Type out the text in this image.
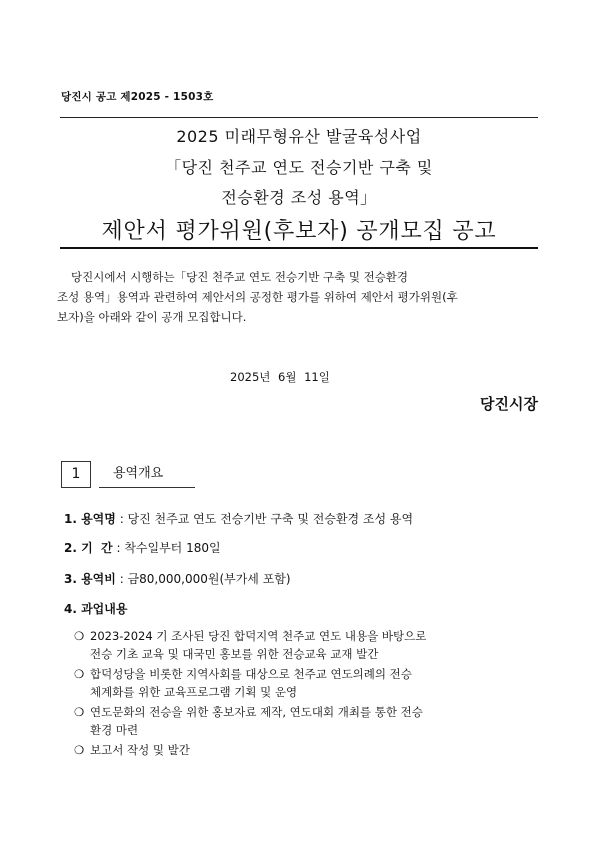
당진시 공고 제2025 - 1503호
2025 미래무형유산 발굴육성사업
「당진 천주교 연도 전승기반 구축 및
전승환경 조성 용역」
제안서 평가위원(후보자) 공개모집 공고
당진시에서 시행하는「당진 천주교 연도 전승기반 구축 및 전승환경
조성 용역」용역과 관련하여 제안서의 공정한 평가를 위하여 제안서 평가위원(후
보자)을 아래와 같이 공개 모집합니다.
2025년 6월 11일
당진시장
1	용역개요
1. 용역명 : 당진 천주교 연도 전승기반 구축 및 전승환경 조성 용역
2. 기  간 : 착수일부터 180일
3. 용역비 : 금80,000,000원(부가세 포함)
4. 과업내용
❍ 2023-2024 기 조사된 당진 합덕지역 천주교 연도 내용을 바탕으로
전승 기초 교육 및 대국민 홍보를 위한 전승교육 교재 발간
❍ 합덕성당을 비롯한 지역사회를 대상으로 천주교 연도의례의 전승
체계화를 위한 교육프로그램 기획 및 운영
❍ 연도문화의 전승을 위한 홍보자료 제작, 연도대회 개최를 통한 전승
환경 마련
❍ 보고서 작성 및 발간
